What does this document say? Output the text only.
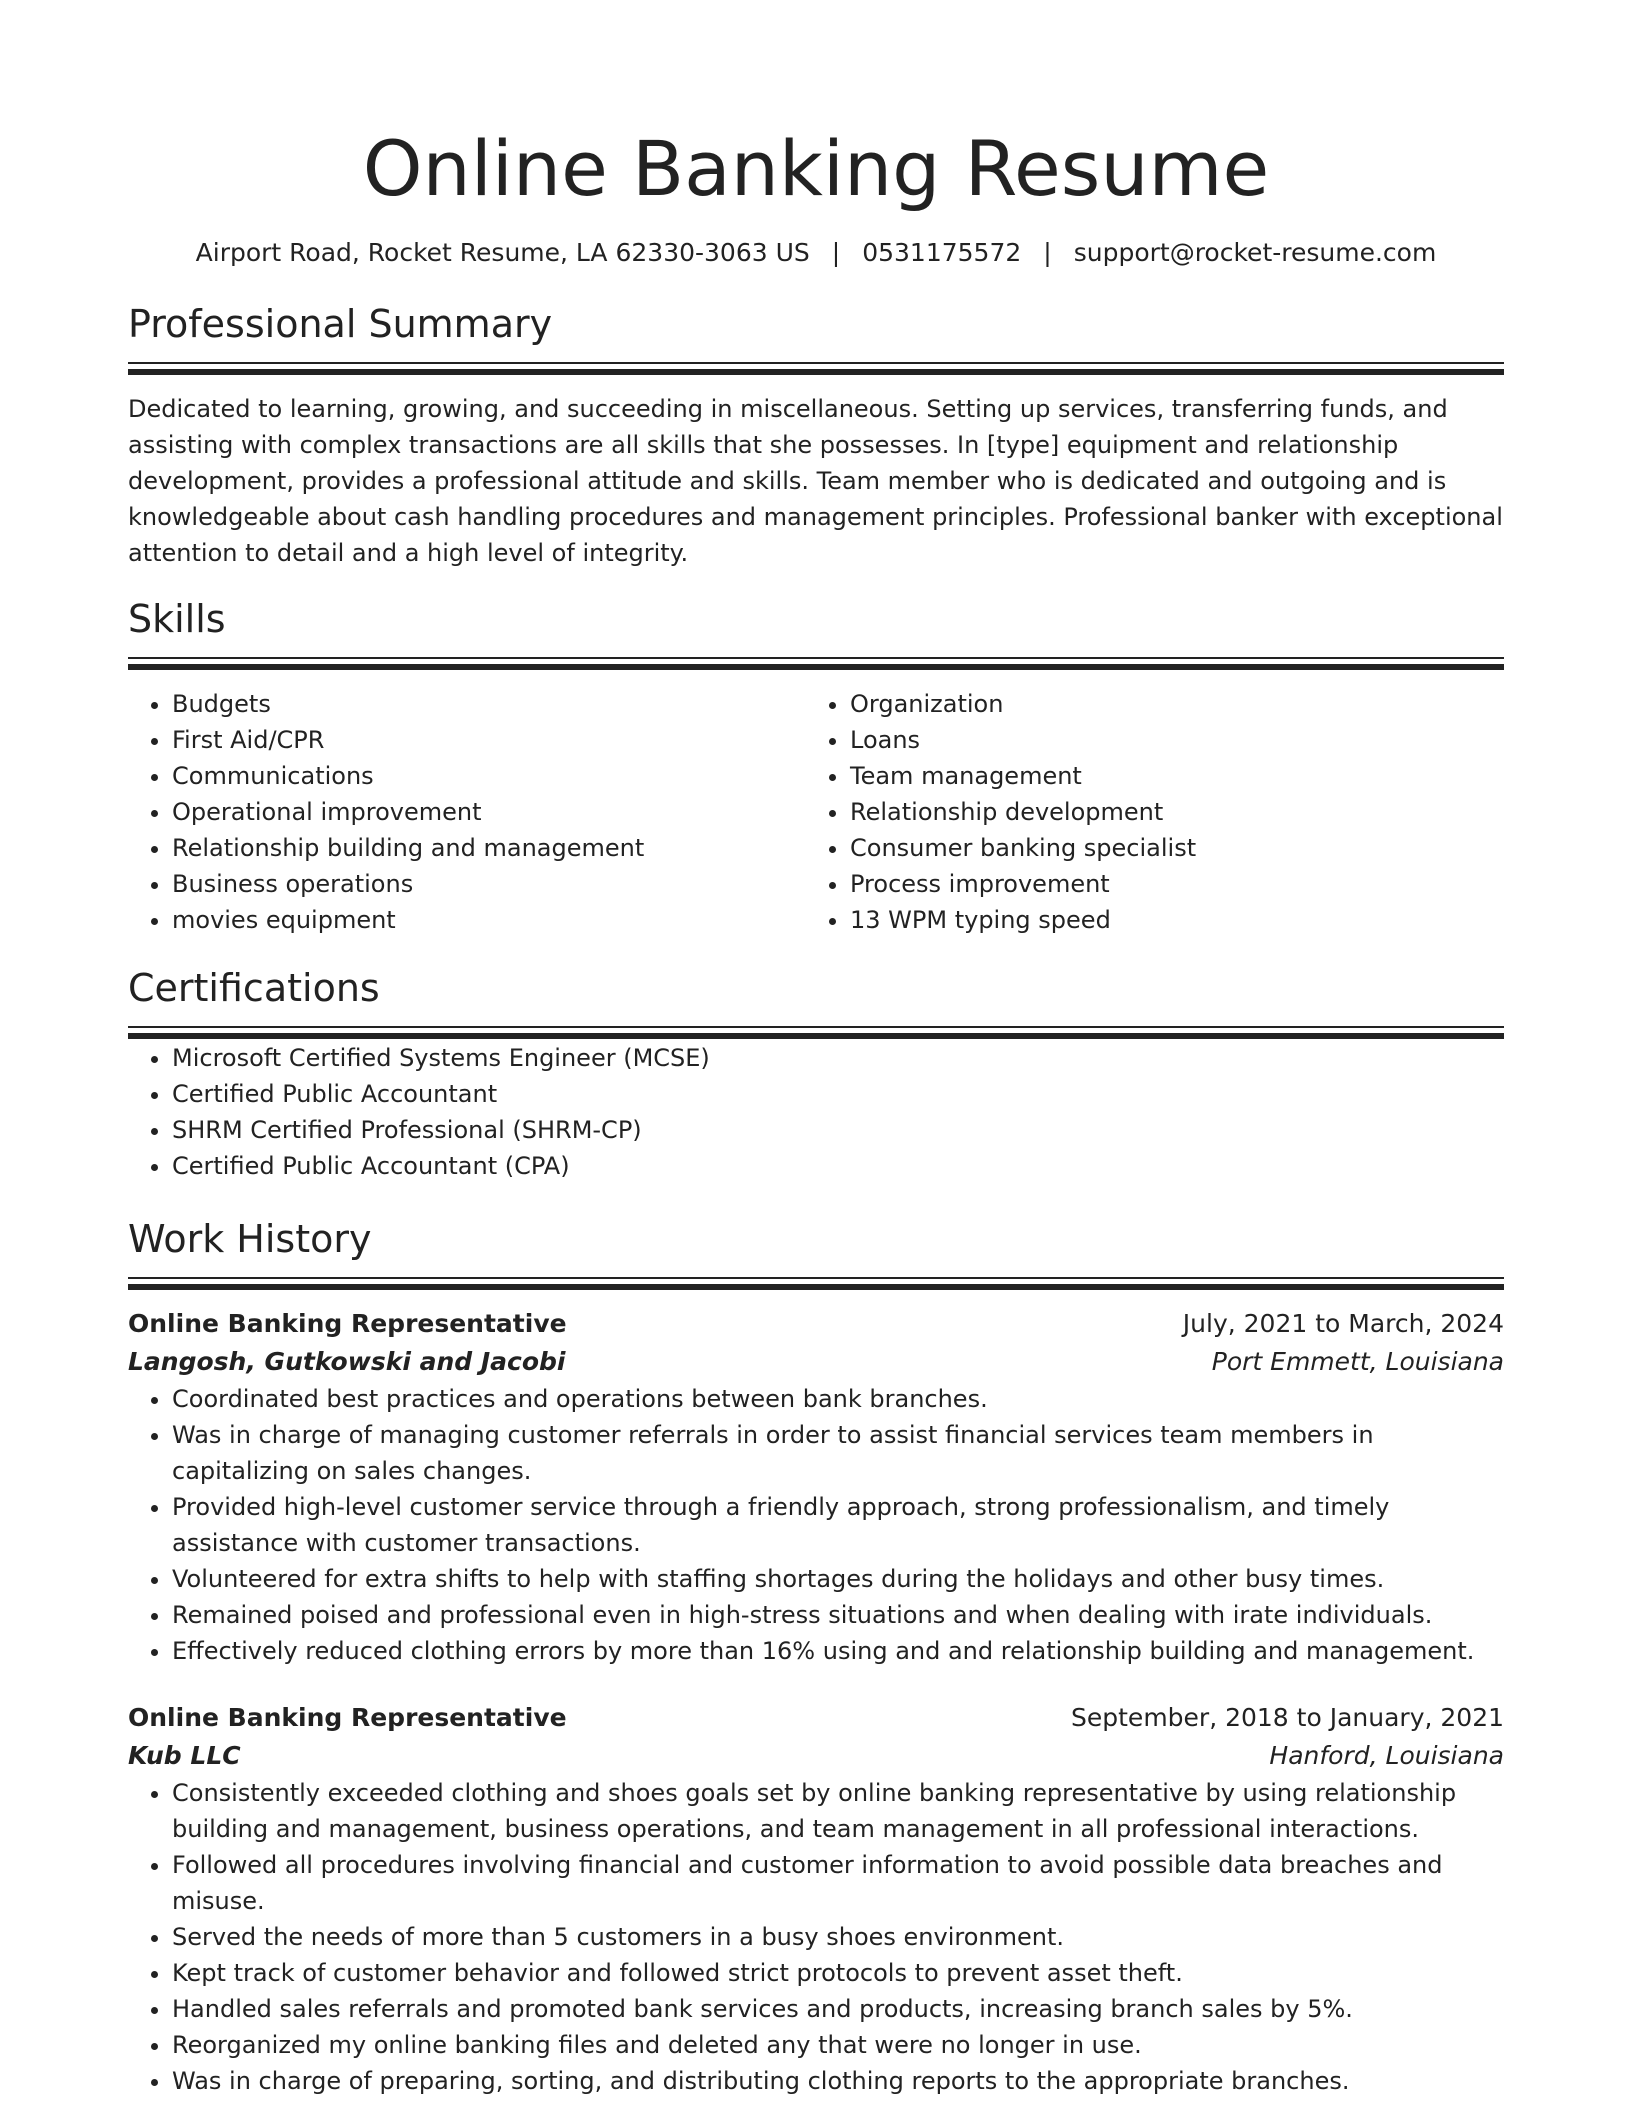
Online Banking Resume
Airport Road, Rocket Resume, LA 62330-3063 US | 0531175572 | support@rocket-resume.com
Professional Summary
Dedicated to learning, growing, and succeeding in miscellaneous. Setting up services, transferring funds, and assisting with complex transactions are all skills that she possesses. In [type] equipment and relationship development, provides a professional attitude and skills. Team member who is dedicated and outgoing and is knowledgeable about cash handling procedures and management principles. Professional banker with exceptional attention to detail and a high level of integrity.
Skills
• Budgets
• First Aid/CPR
• Communications
• Operational improvement
• Relationship building and management
• Business operations
• movies equipment
• Organization
• Loans
• Team management
• Relationship development
• Consumer banking specialist
• Process improvement
• 13 WPM typing speed
Certifications
• Microsoft Certified Systems Engineer (MCSE)
• Certified Public Accountant
• SHRM Certified Professional (SHRM-CP)
• Certified Public Accountant (CPA)
Work History
Online Banking Representative	July, 2021 to March, 2024
Langosh, Gutkowski and Jacobi	Port Emmett, Louisiana
• Coordinated best practices and operations between bank branches.
• Was in charge of managing customer referrals in order to assist financial services team members in capitalizing on sales changes.
• Provided high-level customer service through a friendly approach, strong professionalism, and timely assistance with customer transactions.
• Volunteered for extra shifts to help with staffing shortages during the holidays and other busy times.
• Remained poised and professional even in high-stress situations and when dealing with irate individuals.
• Effectively reduced clothing errors by more than 16% using and and relationship building and management.
Online Banking Representative	September, 2018 to January, 2021
Kub LLC	Hanford, Louisiana
• Consistently exceeded clothing and shoes goals set by online banking representative by using relationship building and management, business operations, and team management in all professional interactions.
• Followed all procedures involving financial and customer information to avoid possible data breaches and misuse.
• Served the needs of more than 5 customers in a busy shoes environment.
• Kept track of customer behavior and followed strict protocols to prevent asset theft.
• Handled sales referrals and promoted bank services and products, increasing branch sales by 5%.
• Reorganized my online banking files and deleted any that were no longer in use.
• Was in charge of preparing, sorting, and distributing clothing reports to the appropriate branches.
